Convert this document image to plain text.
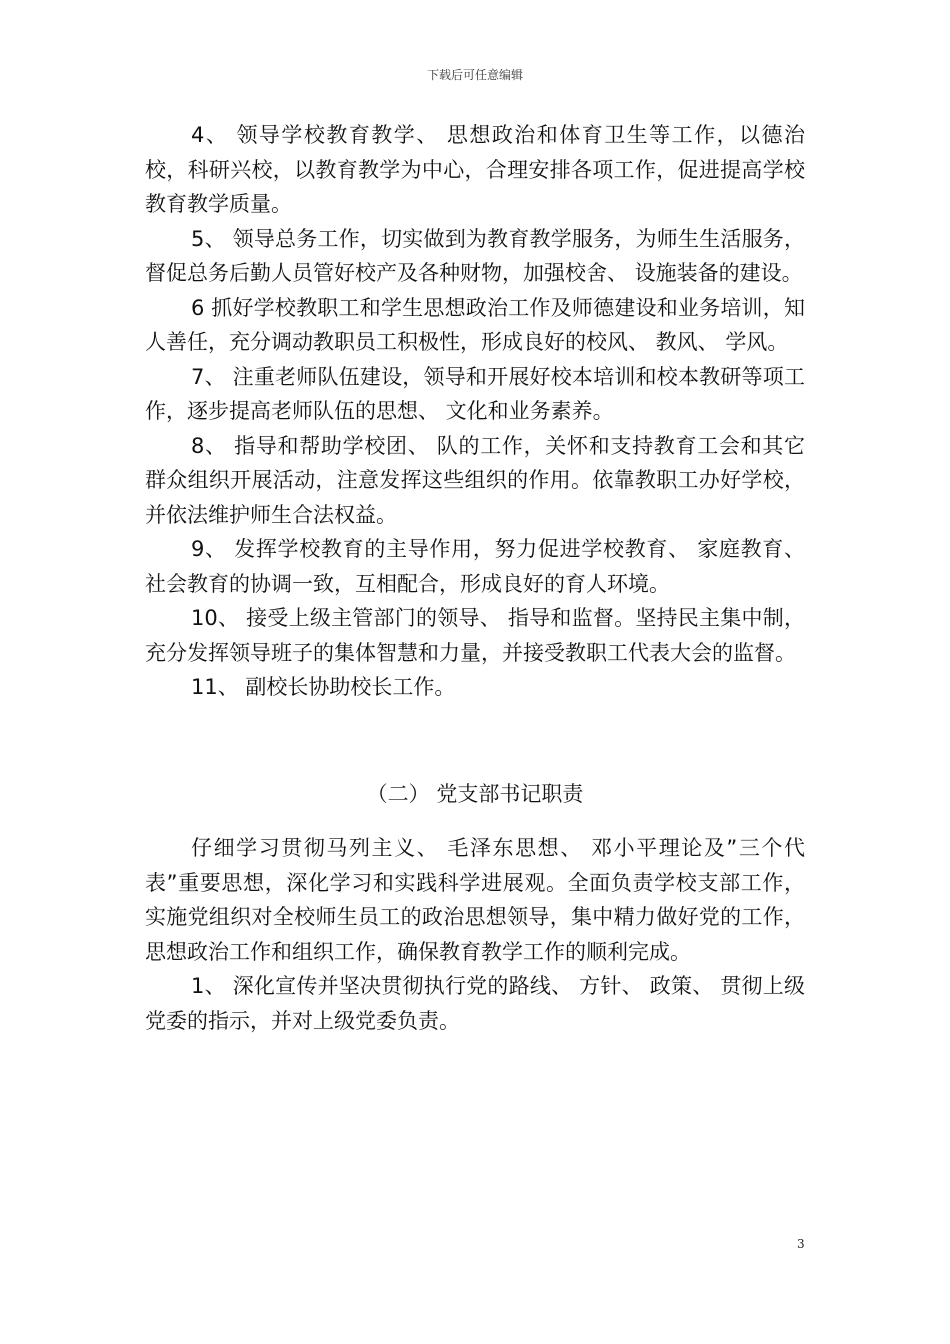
下载后可任意编辑

4、 领导学校教育教学、 思想政治和体育卫生等工作，以德治校，科研兴校，以教育教学为中心，合理安排各项工作，促进提高学校教育教学质量。

5、 领导总务工作，切实做到为教育教学服务，为师生生活服务，督促总务后勤人员管好校产及各种财物，加强校舍、 设施装备的建设。

6 抓好学校教职工和学生思想政治工作及师德建设和业务培训，知人善任，充分调动教职员工积极性，形成良好的校风、 教风、 学风。

7、 注重老师队伍建设，领导和开展好校本培训和校本教研等项工作，逐步提高老师队伍的思想、 文化和业务素养。

8、 指导和帮助学校团、 队的工作，关怀和支持教育工会和其它群众组织开展活动，注意发挥这些组织的作用。依靠教职工办好学校，并依法维护师生合法权益。

9、 发挥学校教育的主导作用，努力促进学校教育、 家庭教育、 社会教育的协调一致，互相配合，形成良好的育人环境。

10、 接受上级主管部门的领导、 指导和监督。坚持民主集中制，充分发挥领导班子的集体智慧和力量，并接受教职工代表大会的监督。

11、 副校长协助校长工作。

（二） 党支部书记职责

仔细学习贯彻马列主义、 毛泽东思想、 邓小平理论及”三个代表”重要思想，深化学习和实践科学进展观。全面负责学校支部工作，实施党组织对全校师生员工的政治思想领导，集中精力做好党的工作，思想政治工作和组织工作，确保教育教学工作的顺利完成。

1、 深化宣传并坚决贯彻执行党的路线、 方针、 政策、 贯彻上级党委的指示，并对上级党委负责。

3
